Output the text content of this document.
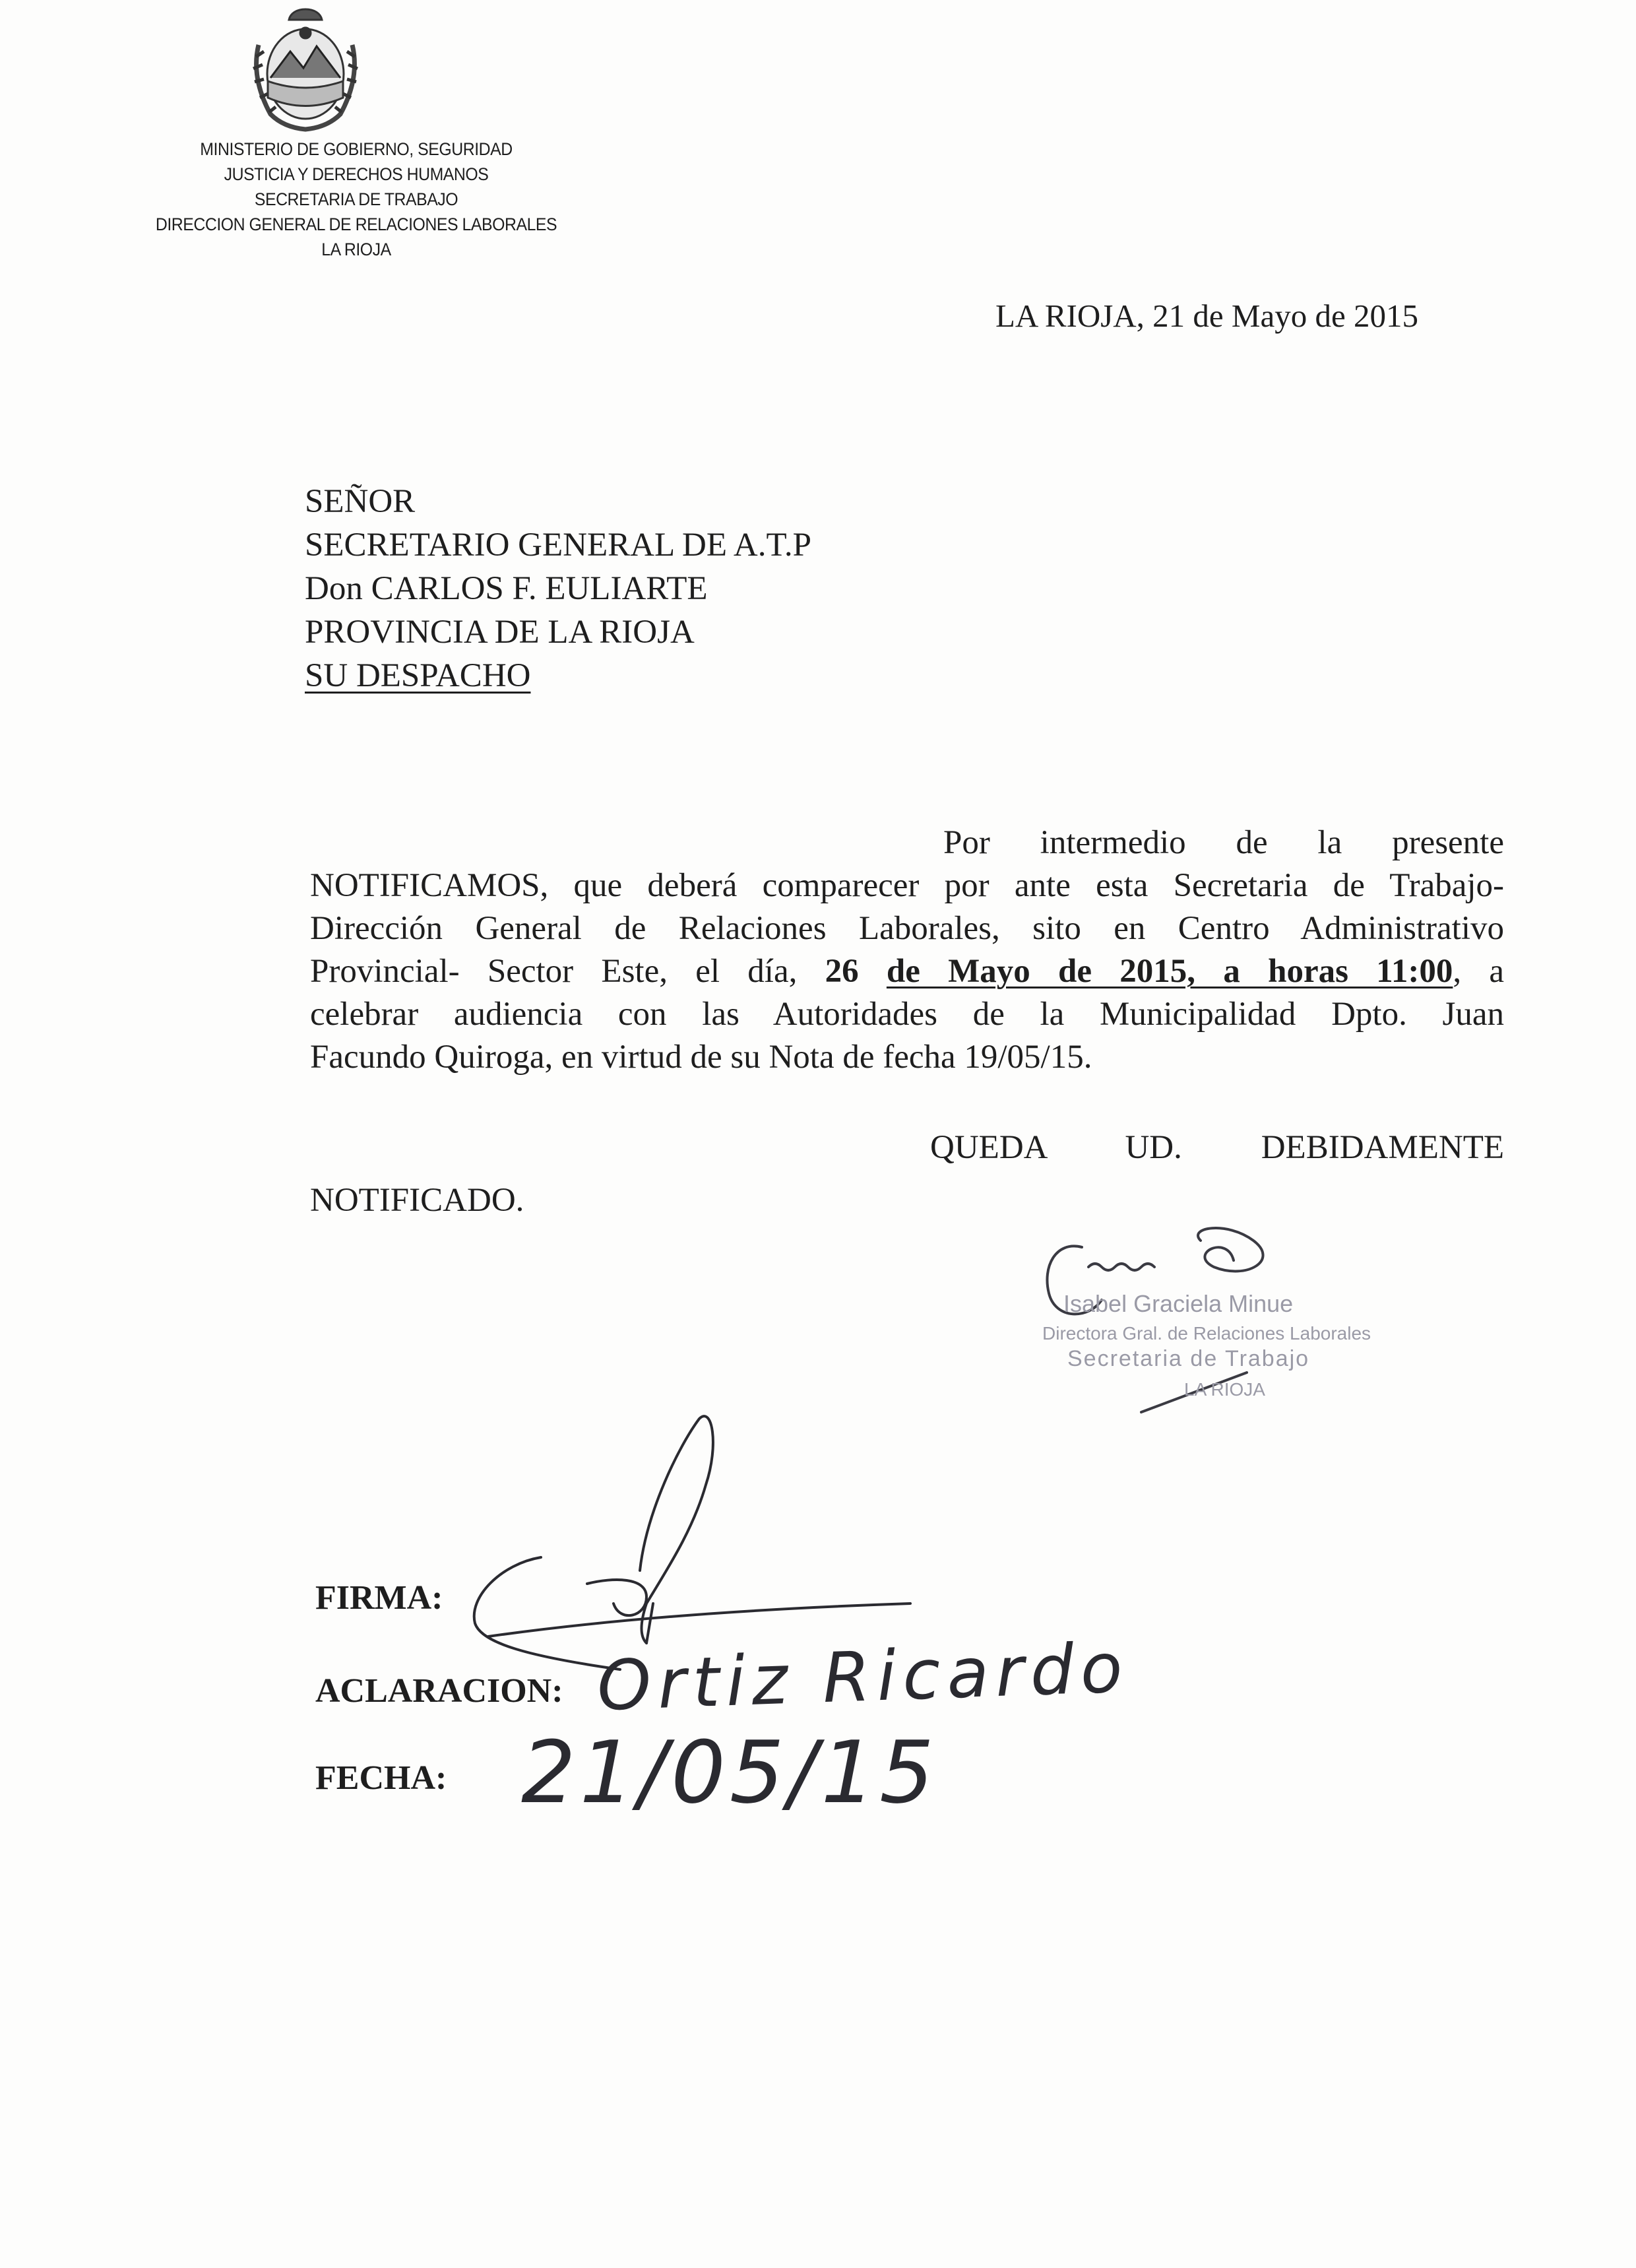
MINISTERIO DE GOBIERNO, SEGURIDAD
JUSTICIA Y DERECHOS HUMANOS
SECRETARIA DE TRABAJO
DIRECCION GENERAL DE RELACIONES LABORALES
LA RIOJA
LA RIOJA, 21 de Mayo de 2015
SEÑOR
SECRETARIO GENERAL DE A.T.P
Don CARLOS F. EULIARTE
PROVINCIA DE LA RIOJA
SU DESPACHO

Por intermedio de la presente

NOTIFICAMOS, que deberá comparecer por ante esta Secretaria de Trabajo-

Dirección General de Relaciones Laborales, sito en Centro Administrativo

Provincial- Sector Este, el día, 26 de Mayo de 2015, a horas 11:00, a

celebrar audiencia con las Autoridades de la Municipalidad Dpto. Juan

Facundo Quiroga, en virtud de su Nota de fecha 19/05/15.

QUEDA UD. DEBIDAMENTE
NOTIFICADO.
Isabel Graciela Minue
Directora Gral. de Relaciones Laborales
Secretaria de Trabajo
LA RIOJA
FIRMA:
ACLARACION: Ortiz Ricardo
FECHA: 21/05/15
